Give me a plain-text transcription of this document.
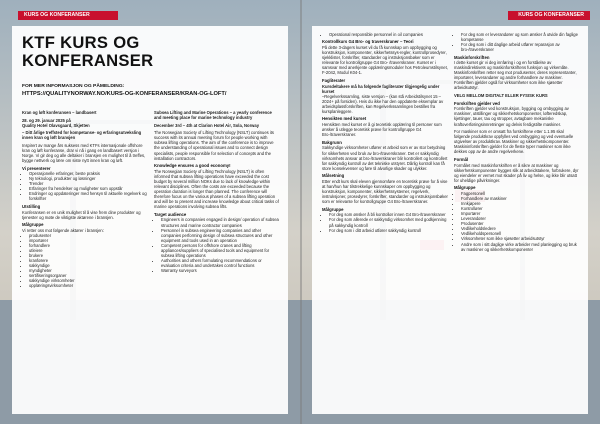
KURS OG KONFERANSER
KTF KURS OG KONFERANSER
FOR MER INFORMASJON OG PÅMELDING:
HTTPS://QUALITYNORWAY.NO/KURS-OG-KONFERANSER/KRAN-OG-LOFT/

Kran og løft konferansen – landbasert

28. og 29. januar 2025 på
Quality Hotel Olavsgaard, Skjetten

– Ditt årlige treffsted for kompetanse- og erfaringsutveksling innen kran og løft bransjen

Inspirert av mange års suksess med KTFs internasjonale offshore kran og løft konferanse, drar vi nå i gang en landbasert versjon i Norge. Vi gir deg og alle deltaker i bransjen en mulighet til å treffes, bygge nettverk og lære om siste nytt innen kran og løft.

Vi presenterer
• Operasjonelle erfaringer, beste praksis
• Ny teknologi, produkter og løsninger
• Trender
• Erfaringer fra hendelser og muligheter som oppstår
• Endringer og oppdateringer med hensyn til aktuelle regelverk og forskrifter
Utstilling

Konferansen er en unik mulighet til å vise frem dine produkter og tjenester og møte de viktigste aktørene i bransjen.

Målgruppe

Vi retter oss mot følgende aktører i bransjen:

• produsenter
• importører
• forhandlere
• utleiere
• brukere
• kranførere
• sakkyndige
• myndigheter
• sertifiseringsorganer
• sakkyndige virksomheter
• opplæringsvirksomheter

Subsea Lifting and Marine Operations – a yearly conference and meeting place for marine technology industry

December 3rd – 4th at Clarion Hotel Air, Sola, Norway

The Norwegian Society of Lifting Technology (NSLT) continues its success with its annual meeting forum for people working with subsea lifting operations. The aim of the conference is to improve the understanding of operational issues and to connect design specialists, people responsible for selection of concepts and the installation contractors.

Knowledge ensures a good economy!

The Norwegian Society of Lifting Technology (NSLT) is often informed that subsea lifting operations have exceeded the cost budget by several million NOKs due to lack of knowledge within relevant disciplines. Often the costs are exceeded because the operation duration is longer than planned. The conference will therefore focus on the various phases of a subsea lifting operation and will be to present and increase knowledge about critical tasks of marine operations involving subsea lifts.

Target audience
• Engineers in companies engaged in design/ operation of subsea structures and marine contractor companies
• Personnel in subsea engineering companies and other companies performing design of subsea structures and other equipment and tools used in an operation
• Competent persons for offshore cranes and lifting appliances/suppliers of specialised tools and equipment for subsea lifting operations
• Authorities and others formulating recommendations or evaluation criteria and undertakes control functions
• Warranty surveyors
KURS OG KONFERANSER
• Operational responsible personnel in oil companies
Kontrollkurs G4 Bro- og traverskraner – Teori

På dette 3-dagers kurset vil du få kunnskap om oppbygging og konstruksjon, komponenter, sikkerhetssys-regler, kontrollprosedyrer, sjekklister, forskrifter, standarder og instruksjonsbøker som er relevante for kontrollgruppe G4 Bro- /traverskraner. Kurset er i samsvar med anerkjente opplæringsmoduler hos Petroleumstilsynet, F-2042, Modul K04-1.

Fagliterater

Kursdeltakere må ha følgende fagliterater tilgjengelig under kurset

–Regelverkssamling, siste versjon – (kan stå Arbeidstilsynet 15 – 2024+ på forsiden). Hvis du ikke har den oppdaterte eksemplar av arbeidsplassforskriften, kan Regelverkssamlingen bestilles fra kursplanleggere.

Hensikten med kurset

Hensikten med kurset er å gi teoretisk opplæring til personer som ønsker å utlegge teoretisk prøve for kontrollgruppe G4 Bro-/traverskraner.

Bakgrunn

Sakkyndige virksomheter utfører et arbeid som er av stor betydning for sikkerheten ved bruk av bro-/traverskraner. Det er sakkyndig virksomhets ansvar at bro-/traverskraner blir kontrollert og kontrollert før sakkyndig kontroll av det tekniske utstyret. Dårlig kontroll kan få store konsekvenser og føre til alvorlige skader og ulykker.

Målsetning

Etter endt kurs skal eleven gjennomføre en teoretisk prøve for å vise at han/hun har tilstrekkelige kunnskaper om oppbygging og konstruksjon, komponenter, sikkerhetssystemer, regelverk, instruksjoner, prosedyrer, forskrifter, standarder og instruksjonsbøker som er relevante for kontrollgruppe G4 Bro-/traverskraner.

Målgruppe
• For deg som ønsker å bli kontrollør innen G4 Bro-/traverskraner
• For deg som allerede er sakkyndig virksomhet med godkjenning på sakkyndig kontroll
• For deg som i ditt arbeid utfører sakkyndig kontroll
• For deg som er leverandører og som ønsker å utvide din faglige kompetanse
• For deg som i ditt daglige arbeid utfører reparasjon av bro-/traverskraner
Maskinforskriften

I dette kurset gir vi deg innføring i og en forståelse av maskindirektivets og maskinforskriftens funksjon og virkemåte. Maskinforskriften retter seg mot produsenter, deres representanter, importører, leverandører og andre forhandlere av maskiner. Forskriften gjelder også for virksomheter som ikke sjøsetter arbeidsutstyr.

VELG MELLOM DIGITALT ELLER FYSISK KURS

Forskriften gjelder ved

Forskriften gjelder ved konstruksjon, bygging og ombygging av maskiner, utstillinger og sikkerhetskomponenter, løfteredskap, kjettinger, tauer, tau og stropper, avtagbare mekaniske kraftoverføringsinnretninger og delvis ferdigstilte maskiner.

For maskiner som er omsatt fra forskriftene etter 1.1.95 skal følgende produktkrav oppfylles ved ombygging og ved eventuelle utgivelser av produktkrav. Maskiner og sikkerhetskomponenter. Maskininforskriften gjelder for de fleste typer maskiner som ikke dekkes opp av de andre regelverkene.

Formål

Formålet med maskinforskriften er å sikre at maskiner og sikkerhetskomponenter bygges slik at arbeidstakere, forbrukere, dyr og eiendeler er vernet mot skader på liv og helse, og ikke blir utsatt for uheldige påvirkninger.

Målgruppe
• Fagpersonell
• Forhandlere av maskiner
• Innkjøpere
• Kontrollører
• Importører
• Leverandører
• Produsenter
• Vedlikeholdsledere
• Vedlikeholdspersonell
• Virksomheter som ikke sjøsetter arbeidsutstyr
• Andre som i sitt daglige virke arbeider med planlegging og bruk av maskiner og sikkerhetskomponenter
